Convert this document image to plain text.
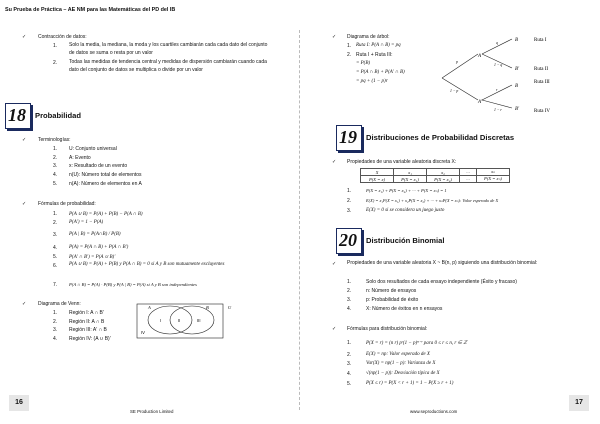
Su Prueba de Práctica – AE NM para las Matemáticas del PD del IB
✓ Contracción de datos:
1. Solo la media, la mediana, la moda y los cuartiles cambiarán cada cada dato del conjunto de datos se suma o resta por un valor
2. Todas las medidas de tendencia central y medidas de dispersión cambiarán cuando cada dato del conjunto de datos se multiplica o divide por un valor
18 Probabilidad
✓ Terminologías:
1. U: Conjunto universal
2. A: Evento
3. x: Resultado de un evento
4. n(U): Número total de elementos
5. n(A): Número de elementos en A
✓ Fórmulas de probabilidad:
1. P(A ∪ B) = P(A) + P(B) − P(A ∩ B)
2. P(A′) = 1 − P(A)
3. P(A | B) = P(A∩B) / P(B)
4. P(A) = P(A ∩ B) + P(A ∩ B′)
5. P(A′ ∩ B′) = P(A ∪ B)′
6. P(A ∪ B) = P(A) + P(B) y P(A ∩ B) = 0 si A y B son mutuamente excluyentes
7.	P(A ∩ B) = P(A) · P(B) y P(A | B) = P(A) si A y B son independientes
✓ Diagrama de Venn:
1. Región I: A ∩ B′
2. Región II: A ∩ B
3. Región III: A′ ∩ B
4. Región IV: (A ∪ B)′
A	B	U
I	II	III
IV
✓ Diagrama de árbol:
1. Ruta I: P(A ∩ B) = pq
2. Ruta I + Ruta III:
= P(B)
= P(A ∩ B) + P(A′ ∩ B)
= pq + (1 − p)r
A
A′
B
B′
B
B′
p
1 − p
q
1 − q
r
1 − r
Ruta I
Ruta II
Ruta III
Ruta IV
19 Distribuciones de Probabilidad Discretas
✓ Propiedades de una variable aleatoria discreta X:
X	x₁	x₂	···	xₙ
P(X = x)	P(X = x₁)	P(X = x₂)	···	P(X = xₙ)
1.	P(X = x₁) + P(X = x₂) + ··· + P(X = xₙ) = 1
2.	E(X) = x₁P(X = x₁) + x₂P(X = x₂) + ··· + xₙP(X = xₙ): Valor esperado de X
3.	E(X) = 0 si se considera un juego justo
20 Distribución Binomial
✓ Propiedades de una variable aleatoria X ~ B(n, p) siguiendo una distribución binomial:
1.	Solo dos resultados de cada ensayo independiente (Éxito y fracaso)
2.	n: Número de ensayos
3.	p: Probabilidad de éxito
4.	X: Número de éxitos en n ensayos
✓ Fórmulas para distribución binomial:
1.	P(X = r) = (n r) pʳ(1 − p)ⁿ⁻ʳ para 0 ≤ r ≤ n, r ∈ ℤ
2.	E(X) = np: Valor esperado de X
3.	Var(X) = np(1 − p): Varianza de X
4.	√(np(1 − p)): Desviación típica de X
5.	P(X ≤ r) = P(X < r + 1) = 1 − P(X ≥ r + 1)
16	17
SE Production Limited	www.seproductions.com
